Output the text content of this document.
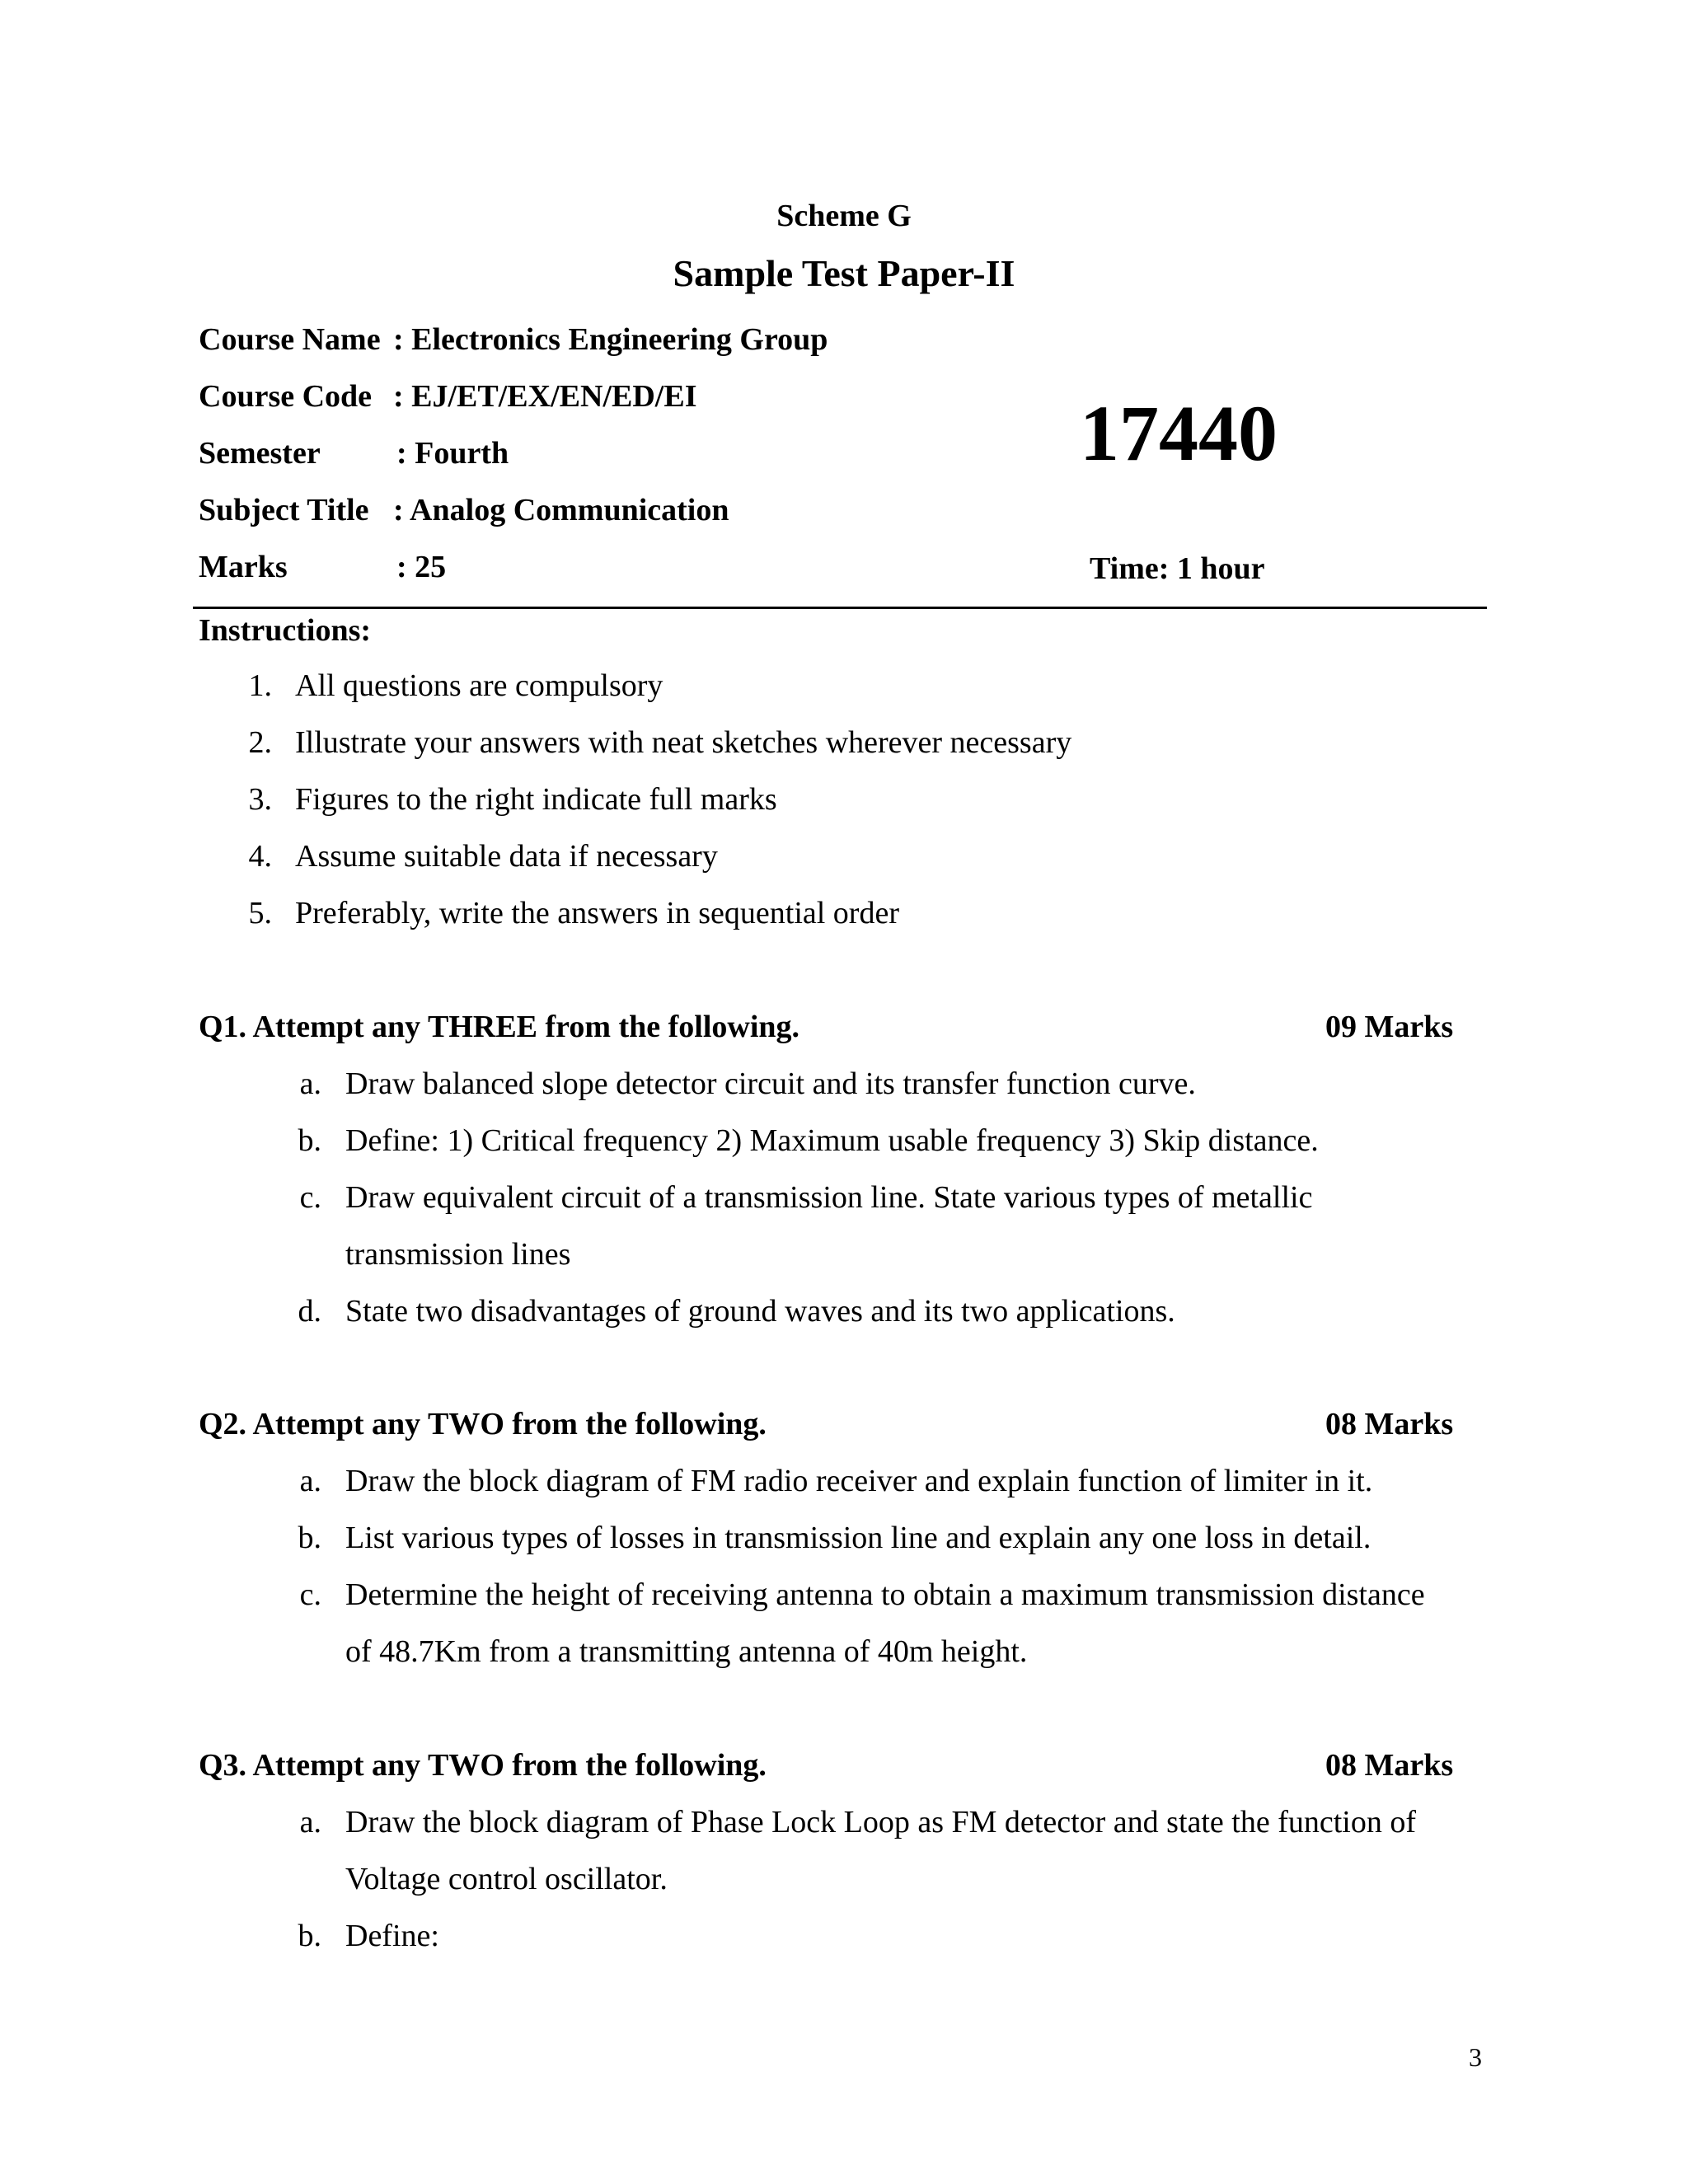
Scheme G
Sample Test Paper-II
Course Name : Electronics Engineering Group
Course Code : EJ/ET/EX/EN/ED/EI
Semester : Fourth
Subject Title : Analog Communication
Marks	: 25
17440
Time: 1 hour
Instructions:
1. All questions are compulsory
2. Illustrate your answers with neat sketches wherever necessary
3. Figures to the right indicate full marks
4. Assume suitable data if necessary
5. Preferably, write the answers in sequential order
Q1. Attempt any THREE from the following.	09 Marks
a. Draw balanced slope detector circuit and its transfer function curve.
b. Define: 1) Critical frequency 2) Maximum usable frequency 3) Skip distance.
c. Draw equivalent circuit of a transmission line. State various types of metallic
transmission lines
d. State two disadvantages of ground waves and its two applications.
Q2. Attempt any TWO from the following.	08 Marks
a. Draw the block diagram of FM radio receiver and explain function of limiter in it.
b. List various types of losses in transmission line and explain any one loss in detail.
c. Determine the height of receiving antenna to obtain a maximum transmission distance
of 48.7Km from a transmitting antenna of 40m height.
Q3. Attempt any TWO from the following.	08 Marks
a. Draw the block diagram of Phase Lock Loop as FM detector and state the function of
Voltage control oscillator.
b. Define:
3
